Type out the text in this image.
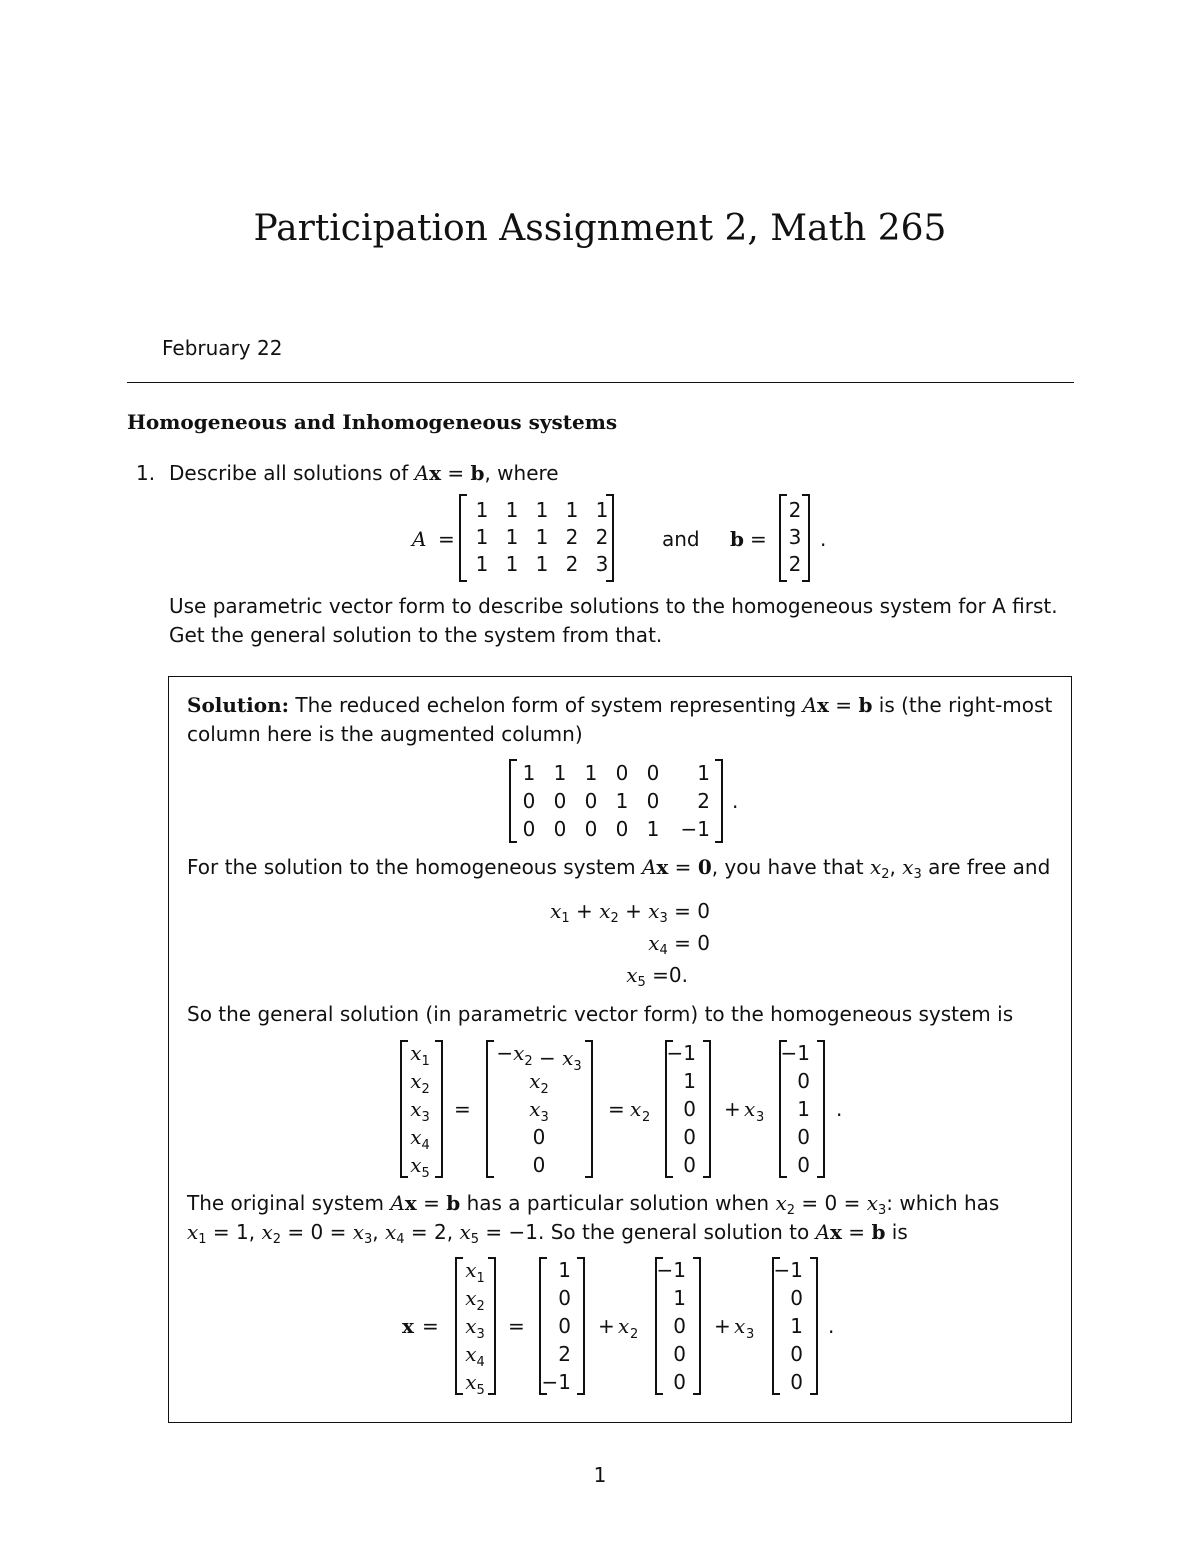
Participation Assignment 2, Math 265
February 22
Homogeneous and Inhomogeneous systems
1. Describe all solutions of Ax = b, where
A =
1 1 1 1 1
1 1 1 2 2
1 1 1 2 3
and b =
2
3
2
.
Use parametric vector form to describe solutions to the homogeneous system for A first.
Get the general solution to the system from that.
Solution: The reduced echelon form of system representing Ax = b is (the right-most
column here is the augmented column)
1 1 1 0 0 1
0 0 0 1 0 2
0 0 0 0 1 −1
.
For the solution to the homogeneous system Ax = 0, you have that $x_2$, $x_3$ are free and
$x_1 + x_2 + x_3 = 0$
$x_4 = 0$
$x_5 =0$.
So the general solution (in parametric vector form) to the homogeneous system is
$x_1$
$x_2$
$x_3$
$x_4$
$x_5$
=
$-x_2 - x_3$
$x_2$
$x_3$
0
0
= x 2
−1
1
0
0
0
+ x 3
−1
0
1
0
0
.
The original system Ax = b has a particular solution when $x_2 = 0 = x_3$: which has
$x_1 = 1$, $x_2 = 0 = x_3$, $x_4 = 2$, $x_5 = -1$. So the general solution to Ax = b is
x =
$x_1$
$x_2$
$x_3$
$x_4$
$x_5$
=
1
0
0
2
−1
+ x 2
−1
1
0
0
0
+ x 3
−1
0
1
0
0
.
1
